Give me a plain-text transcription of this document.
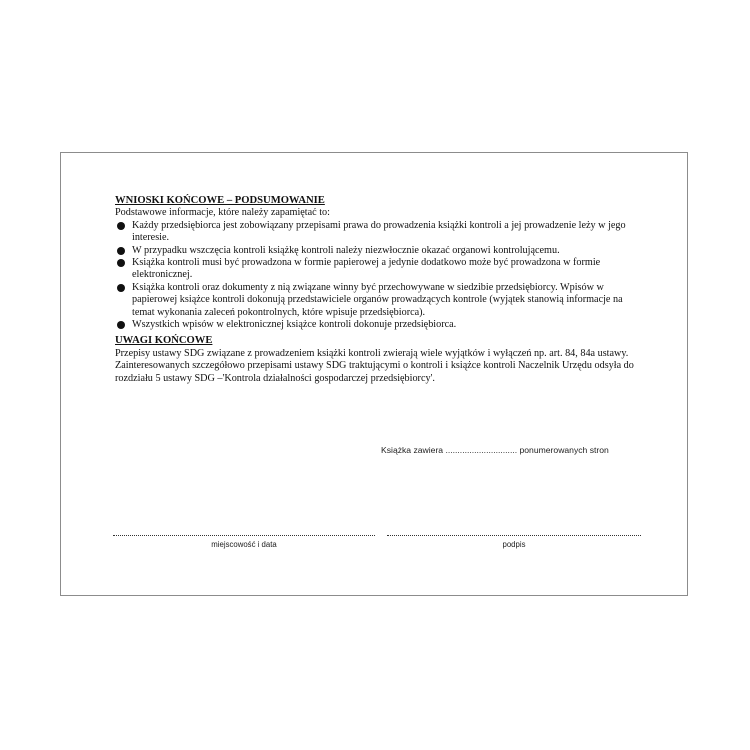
WNIOSKI KOŃCOWE – PODSUMOWANIE

Podstawowe informacje, które należy zapamiętać to:

Każdy przedsiębiorca jest zobowiązany przepisami prawa do prowadzenia książki kontroli a jej prowadzenie leży w jego interesie.
W przypadku wszczęcia kontroli książkę kontroli należy niezwłocznie okazać organowi kontrolującemu.
Książka kontroli musi być prowadzona w formie papierowej a jedynie dodatkowo może być prowadzona w formie elektronicznej.
Książka kontroli oraz dokumenty z nią związane winny być przechowywane w siedzibie przedsiębiorcy. Wpisów w papierowej książce kontroli dokonują przedstawiciele organów prowadzących kontrole (wyjątek stanowią informacje na temat wykonania zaleceń pokontrolnych, które wpisuje przedsiębiorca).
Wszystkich wpisów w elektronicznej książce kontroli dokonuje przedsiębiorca.

UWAGI KOŃCOWE

Przepisy ustawy SDG związane z prowadzeniem książki kontroli zwierają wiele wyjątków i wyłączeń np. art. 84, 84a ustawy. Zainteresowanych szczegółowo przepisami ustawy SDG traktującymi o kontroli i książce kontroli Naczelnik Urzędu odsyła do rozdziału 5 ustawy SDG –'Kontrola działalności gospodarczej przedsiębiorcy'.

Książka zawiera .............................. ponumerowanych stron
miejscowość i data	podpis
